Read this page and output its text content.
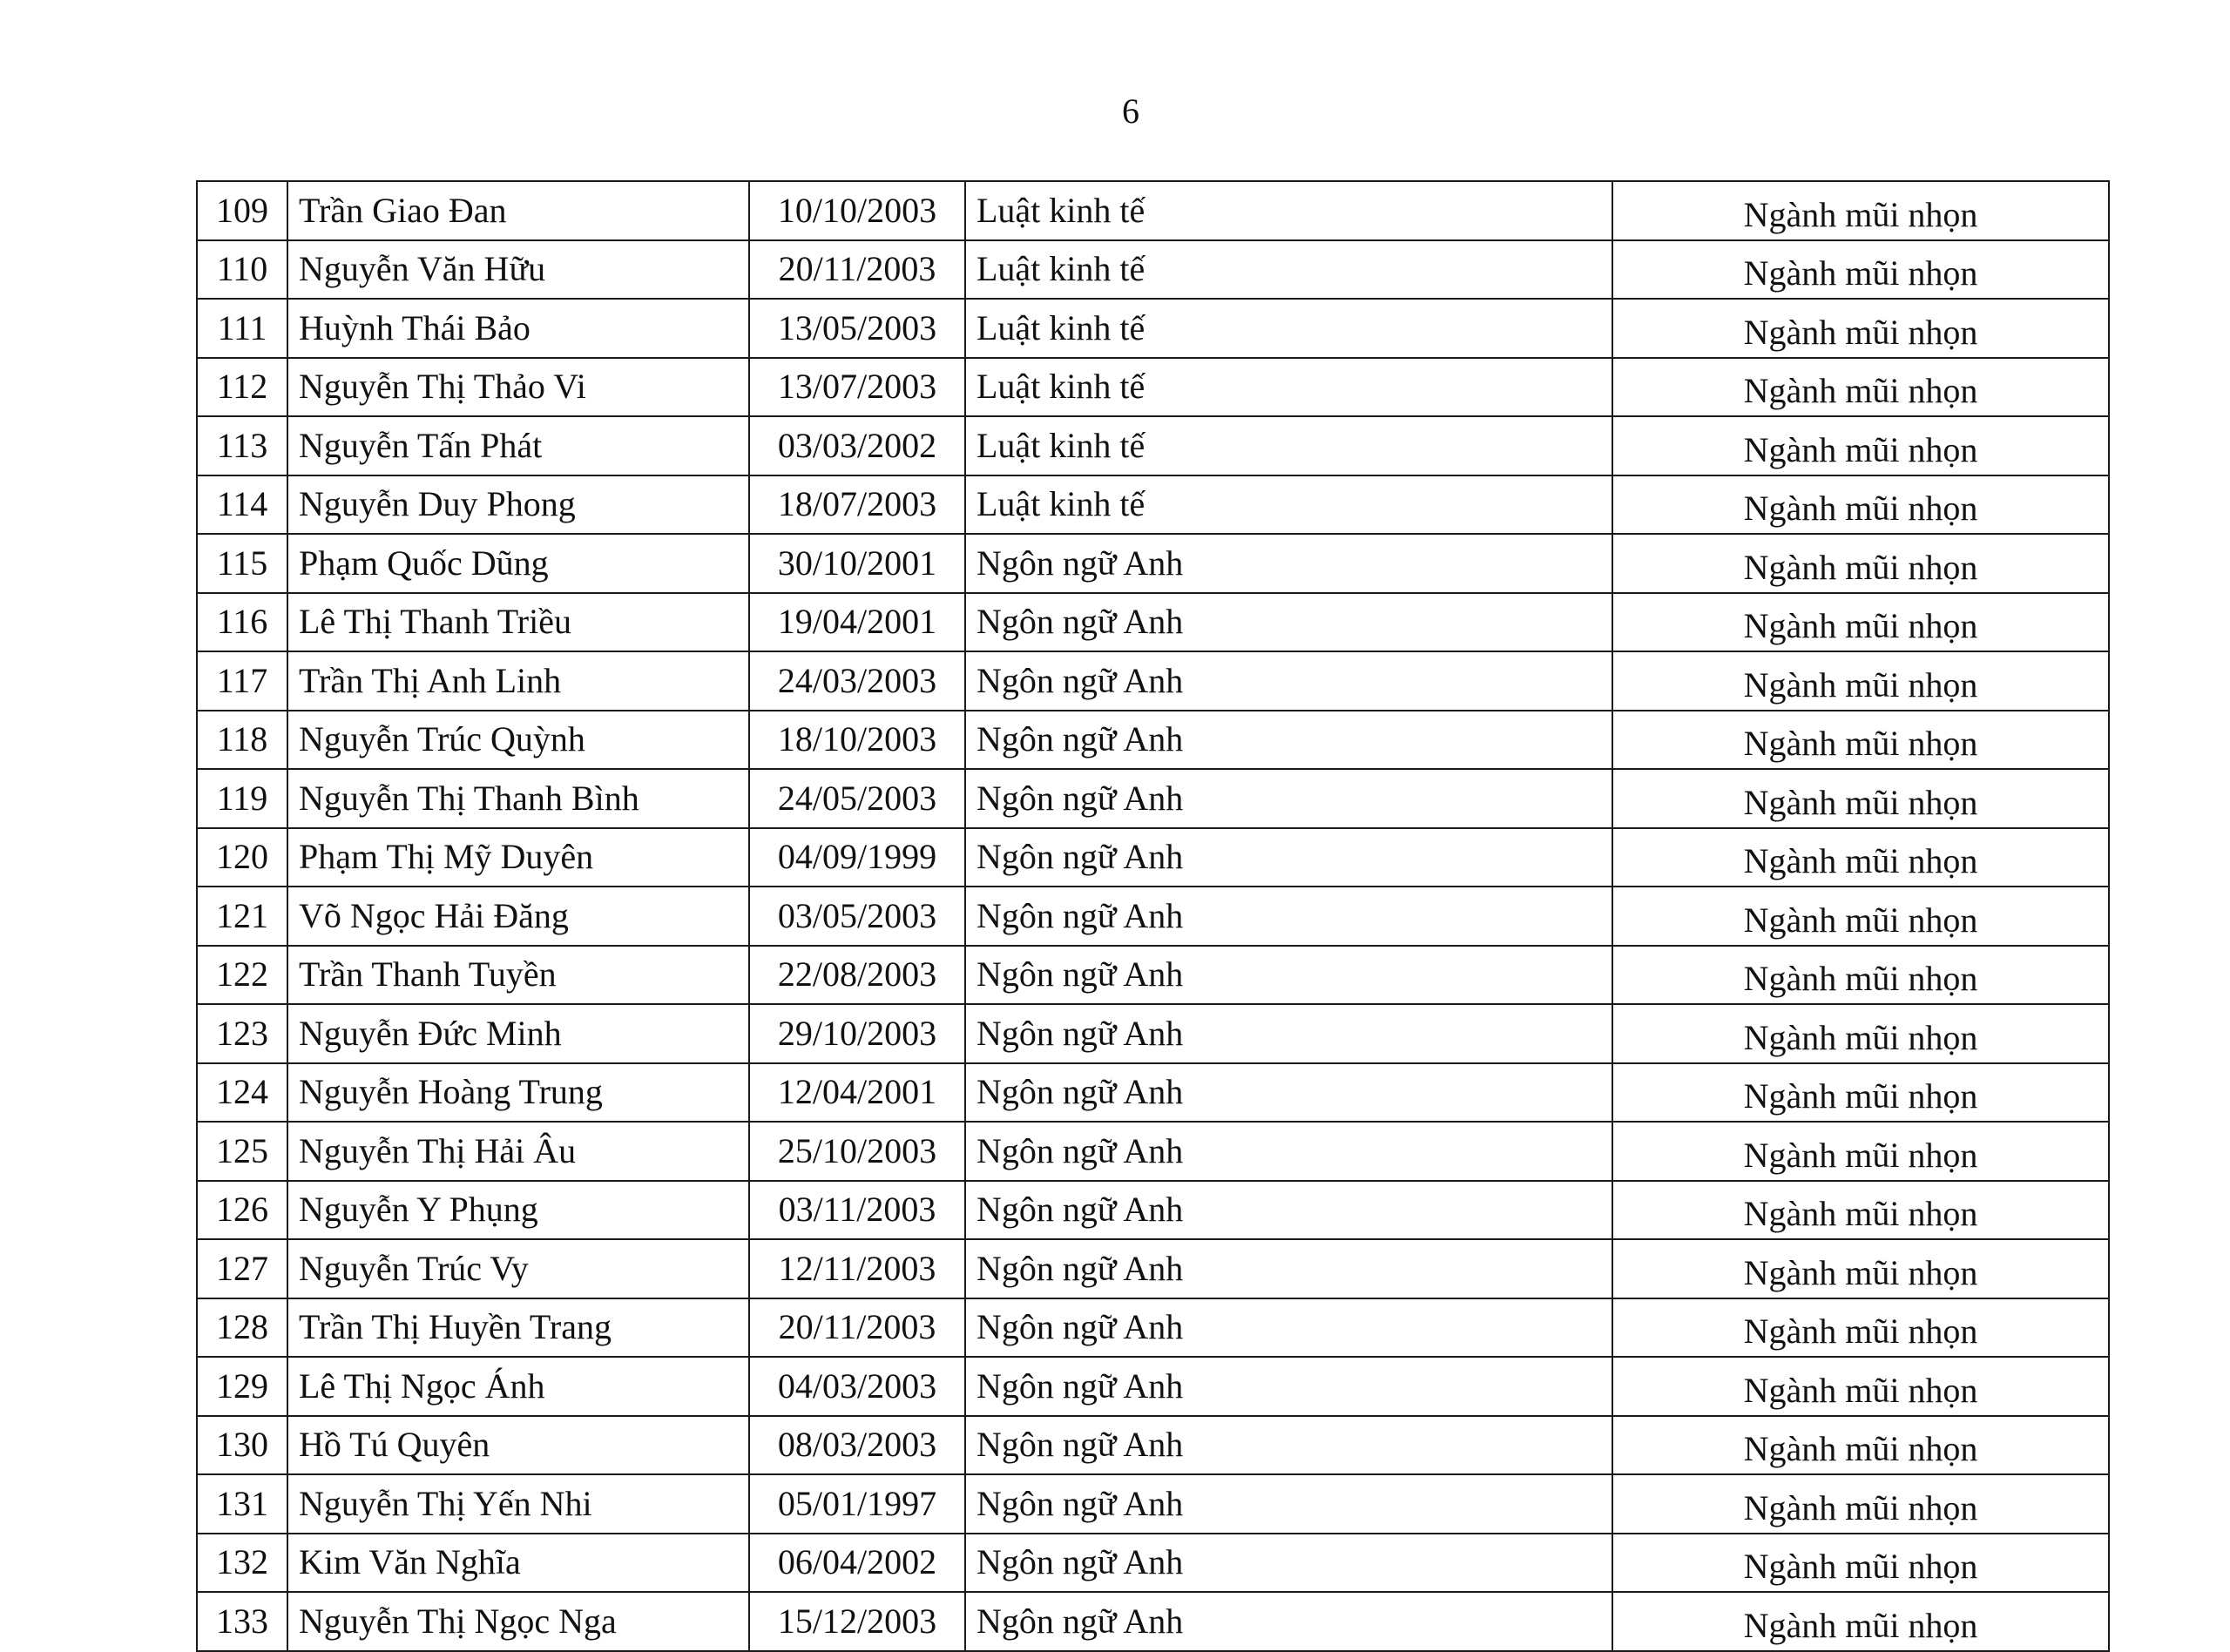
6
109	Trần Giao Đan	10/10/2003	Luật kinh tế	Ngành mũi nhọn
110	Nguyễn Văn Hữu	20/11/2003	Luật kinh tế	Ngành mũi nhọn
111	Huỳnh Thái Bảo	13/05/2003	Luật kinh tế	Ngành mũi nhọn
112	Nguyễn Thị Thảo Vi	13/07/2003	Luật kinh tế	Ngành mũi nhọn
113	Nguyễn Tấn Phát	03/03/2002	Luật kinh tế	Ngành mũi nhọn
114	Nguyễn Duy Phong	18/07/2003	Luật kinh tế	Ngành mũi nhọn
115	Phạm Quốc Dũng	30/10/2001	Ngôn ngữ Anh	Ngành mũi nhọn
116	Lê Thị Thanh Triều	19/04/2001	Ngôn ngữ Anh	Ngành mũi nhọn
117	Trần Thị Anh Linh	24/03/2003	Ngôn ngữ Anh	Ngành mũi nhọn
118	Nguyễn Trúc Quỳnh	18/10/2003	Ngôn ngữ Anh	Ngành mũi nhọn
119	Nguyễn Thị Thanh Bình	24/05/2003	Ngôn ngữ Anh	Ngành mũi nhọn
120	Phạm Thị Mỹ Duyên	04/09/1999	Ngôn ngữ Anh	Ngành mũi nhọn
121	Võ Ngọc Hải Đăng	03/05/2003	Ngôn ngữ Anh	Ngành mũi nhọn
122	Trần Thanh Tuyền	22/08/2003	Ngôn ngữ Anh	Ngành mũi nhọn
123	Nguyễn Đức Minh	29/10/2003	Ngôn ngữ Anh	Ngành mũi nhọn
124	Nguyễn Hoàng Trung	12/04/2001	Ngôn ngữ Anh	Ngành mũi nhọn
125	Nguyễn Thị Hải Âu	25/10/2003	Ngôn ngữ Anh	Ngành mũi nhọn
126	Nguyễn Y Phụng	03/11/2003	Ngôn ngữ Anh	Ngành mũi nhọn
127	Nguyễn Trúc Vy	12/11/2003	Ngôn ngữ Anh	Ngành mũi nhọn
128	Trần Thị Huyền Trang	20/11/2003	Ngôn ngữ Anh	Ngành mũi nhọn
129	Lê Thị Ngọc Ánh	04/03/2003	Ngôn ngữ Anh	Ngành mũi nhọn
130	Hồ Tú Quyên	08/03/2003	Ngôn ngữ Anh	Ngành mũi nhọn
131	Nguyễn Thị Yến Nhi	05/01/1997	Ngôn ngữ Anh	Ngành mũi nhọn
132	Kim Văn Nghĩa	06/04/2002	Ngôn ngữ Anh	Ngành mũi nhọn
133	Nguyễn Thị Ngọc Nga	15/12/2003	Ngôn ngữ Anh	Ngành mũi nhọn
